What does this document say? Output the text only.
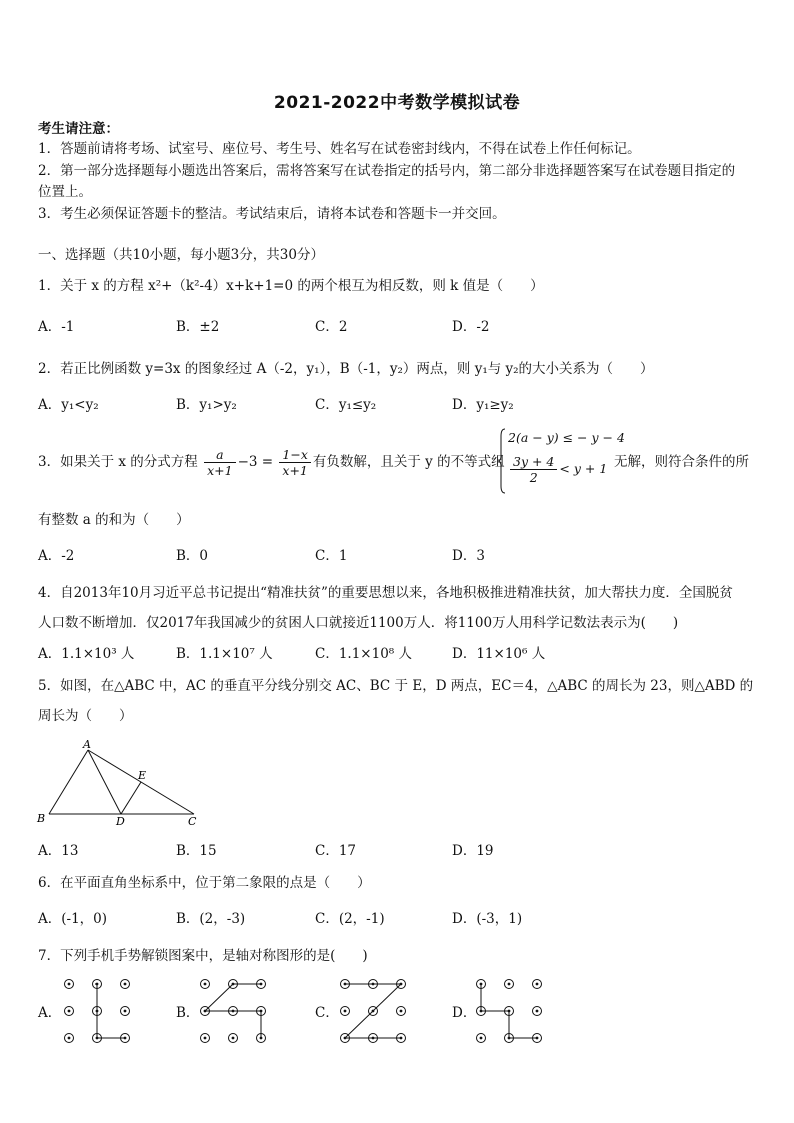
2021-2022中考数学模拟试卷
考生请注意：
1．答题前请将考场、试室号、座位号、考生号、姓名写在试卷密封线内，不得在试卷上作任何标记。
2．第一部分选择题每小题选出答案后，需将答案写在试卷指定的括号内，第二部分非选择题答案写在试卷题目指定的
位置上。
3．考生必须保证答题卡的整洁。考试结束后，请将本试卷和答题卡一并交回。
一、选择题（共10小题，每小题3分，共30分）
1．关于 x 的方程 x²+（k²-4）x+k+1=0 的两个根互为相反数，则 k 值是（　　）
A．-1	B．±2	C．2	D．-2
2．若正比例函数 y=3x 的图象经过 A（-2，y₁），B（-1，y₂）两点，则 y₁与 y₂的大小关系为（　　）
A．y₁<y₂	B．y₁>y₂	C．y₁≤y₂	D．y₁≥y₂
3．如果关于 x 的分式方程 $\frac{a}{x+1} -3 = \frac{1-x}{x+1}$ 有负数解，且关于 y 的不等式组
2(a − y) ≤ − y − 4
$\frac{3y + 4}{2} < y + 1$ 无解，则符合条件的所
有整数 a 的和为（　　）
A．-2	B．0	C．1	D．3
4．自2013年10月习近平总书记提出“精准扶贫”的重要思想以来，各地积极推进精准扶贫，加大帮扶力度．全国脱贫
人口数不断增加．仅2017年我国减少的贫困人口就接近1100万人．将1100万人用科学记数法表示为(　　)
A．1.1×10³ 人	B．1.1×10⁷ 人	C．1.1×10⁸ 人	D．11×10⁶ 人
5．如图，在△ABC 中，AC 的垂直平分线分别交 AC、BC 于 E，D 两点，EC＝4，△ABC 的周长为 23，则△ABD 的
周长为（　　）
A
E
B	D	C
A．13	B．15	C．17	D．19
6．在平面直角坐标系中，位于第二象限的点是（　　）
A．(-1，0)	B．(2，-3)	C．(2，-1)	D．(-3，1)
7．下列手机手势解锁图案中，是轴对称图形的是(　　)
A．	B．	C．	D．
